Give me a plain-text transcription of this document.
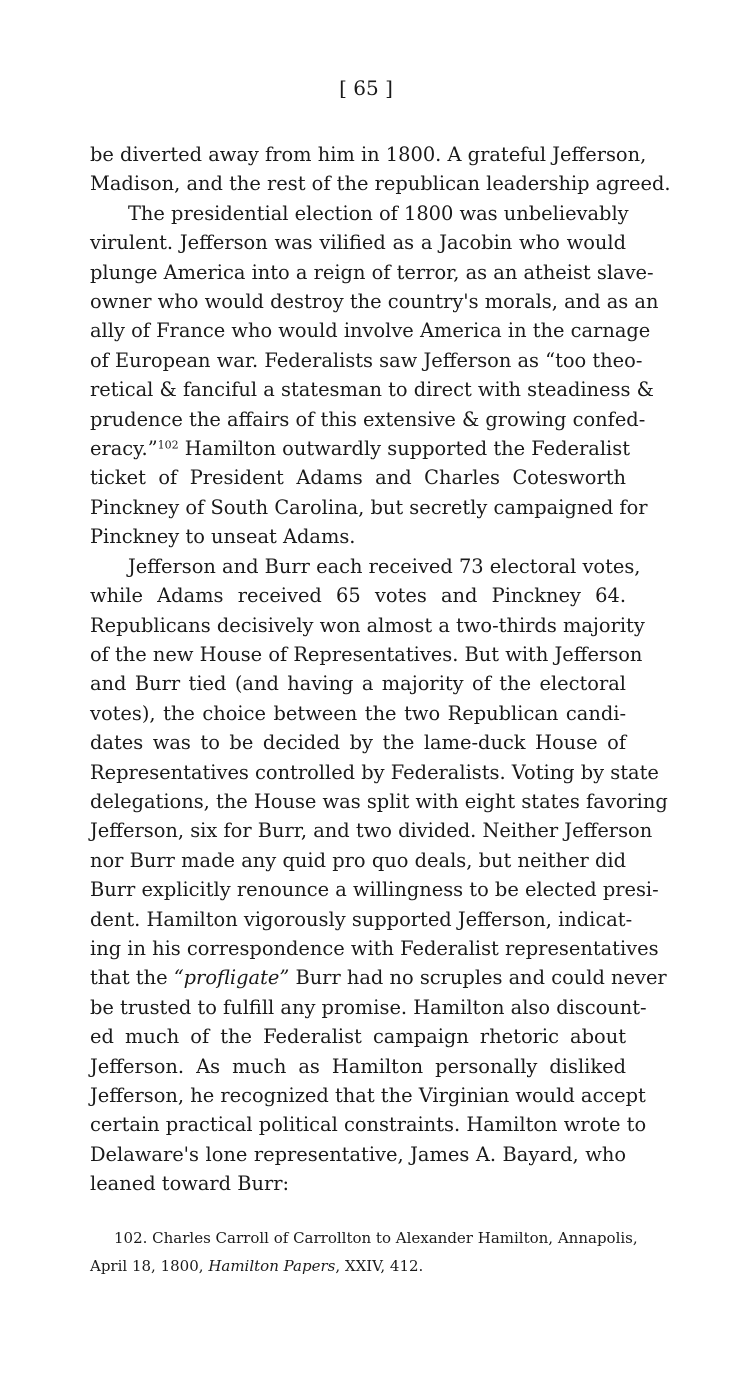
[ 65 ]
be diverted away from him in 1800. A grateful Jefferson,
Madison, and the rest of the republican leadership agreed.
The presidential election of 1800 was unbelievably
virulent. Jefferson was vilified as a Jacobin who would
plunge America into a reign of terror, as an atheist slave-
owner who would destroy the country's morals, and as an
ally of France who would involve America in the carnage
of European war. Federalists saw Jefferson as “too theo-
retical & fanciful a statesman to direct with steadiness &
prudence the affairs of this extensive & growing confed-
eracy.”$^{102}$ Hamilton outwardly supported the Federalist
ticket of President Adams and Charles Cotesworth
Pinckney of South Carolina, but secretly campaigned for
Pinckney to unseat Adams.
Jefferson and Burr each received 73 electoral votes,
while Adams received 65 votes and Pinckney 64.
Republicans decisively won almost a two-thirds majority
of the new House of Representatives. But with Jefferson
and Burr tied (and having a majority of the electoral
votes), the choice between the two Republican candi-
dates was to be decided by the lame-duck House of
Representatives controlled by Federalists. Voting by state
delegations, the House was split with eight states favoring
Jefferson, six for Burr, and two divided. Neither Jefferson
nor Burr made any quid pro quo deals, but neither did
Burr explicitly renounce a willingness to be elected presi-
dent. Hamilton vigorously supported Jefferson, indicat-
ing in his correspondence with Federalist representatives
that the “profligate” Burr had no scruples and could never
be trusted to fulfill any promise. Hamilton also discount-
ed much of the Federalist campaign rhetoric about
Jefferson. As much as Hamilton personally disliked
Jefferson, he recognized that the Virginian would accept
certain practical political constraints. Hamilton wrote to
Delaware's lone representative, James A. Bayard, who
leaned toward Burr:
102. Charles Carroll of Carrollton to Alexander Hamilton, Annapolis,
April 18, 1800, Hamilton Papers, XXIV, 412.
